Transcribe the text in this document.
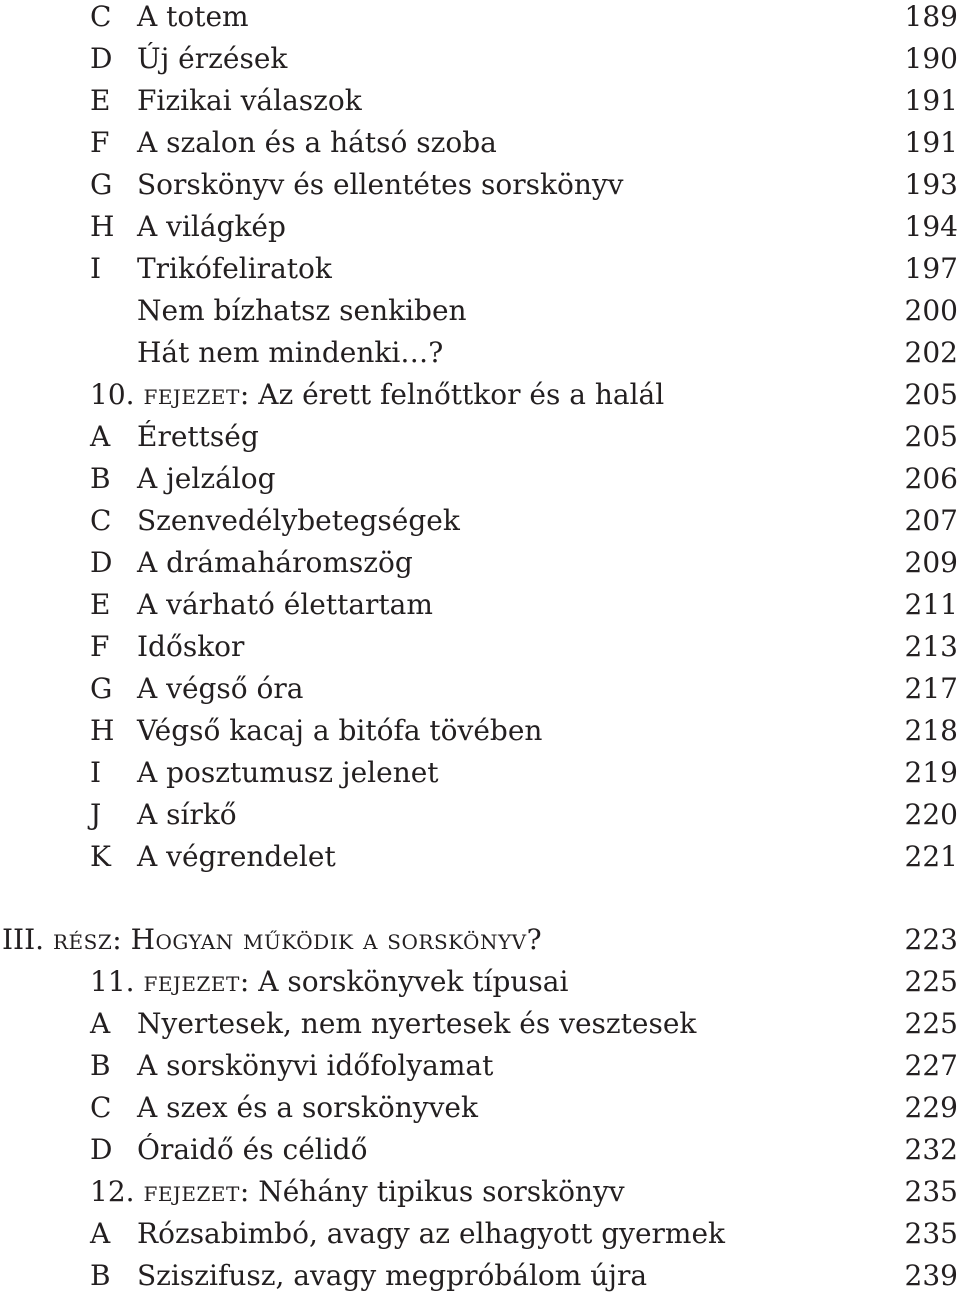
C A totem	189
D Új érzések	190
E Fizikai válaszok	191
F A szalon és a hátsó szoba	191
G Sorskönyv és ellentétes sorskönyv	193
H A világkép	194
I Trikófeliratok	197
Nem bízhatsz senkiben	200
Hát nem mindenki…?	202
10. fejezet: Az érett felnőttkor és a halál	205
A Érettség	205
B A jelzálog	206
C Szenvedélybetegségek	207
D A drámaháromszög	209
E A várható élettartam	211
F Időskor	213
G A végső óra	217
H Végső kacaj a bitófa tövében	218
I A posztumusz jelenet	219
J A sírkő	220
K A végrendelet	221
III. rész: Hogyan működik a sorskönyv?	223
11. fejezet: A sorskönyvek típusai	225
A Nyertesek, nem nyertesek és vesztesek	225
B A sorskönyvi időfolyamat	227
C A szex és a sorskönyvek	229
D Óraidő és célidő	232
12. fejezet: Néhány tipikus sorskönyv	235
A Rózsabimbó, avagy az elhagyott gyermek	235
B Sziszifusz, avagy megpróbálom újra	239
